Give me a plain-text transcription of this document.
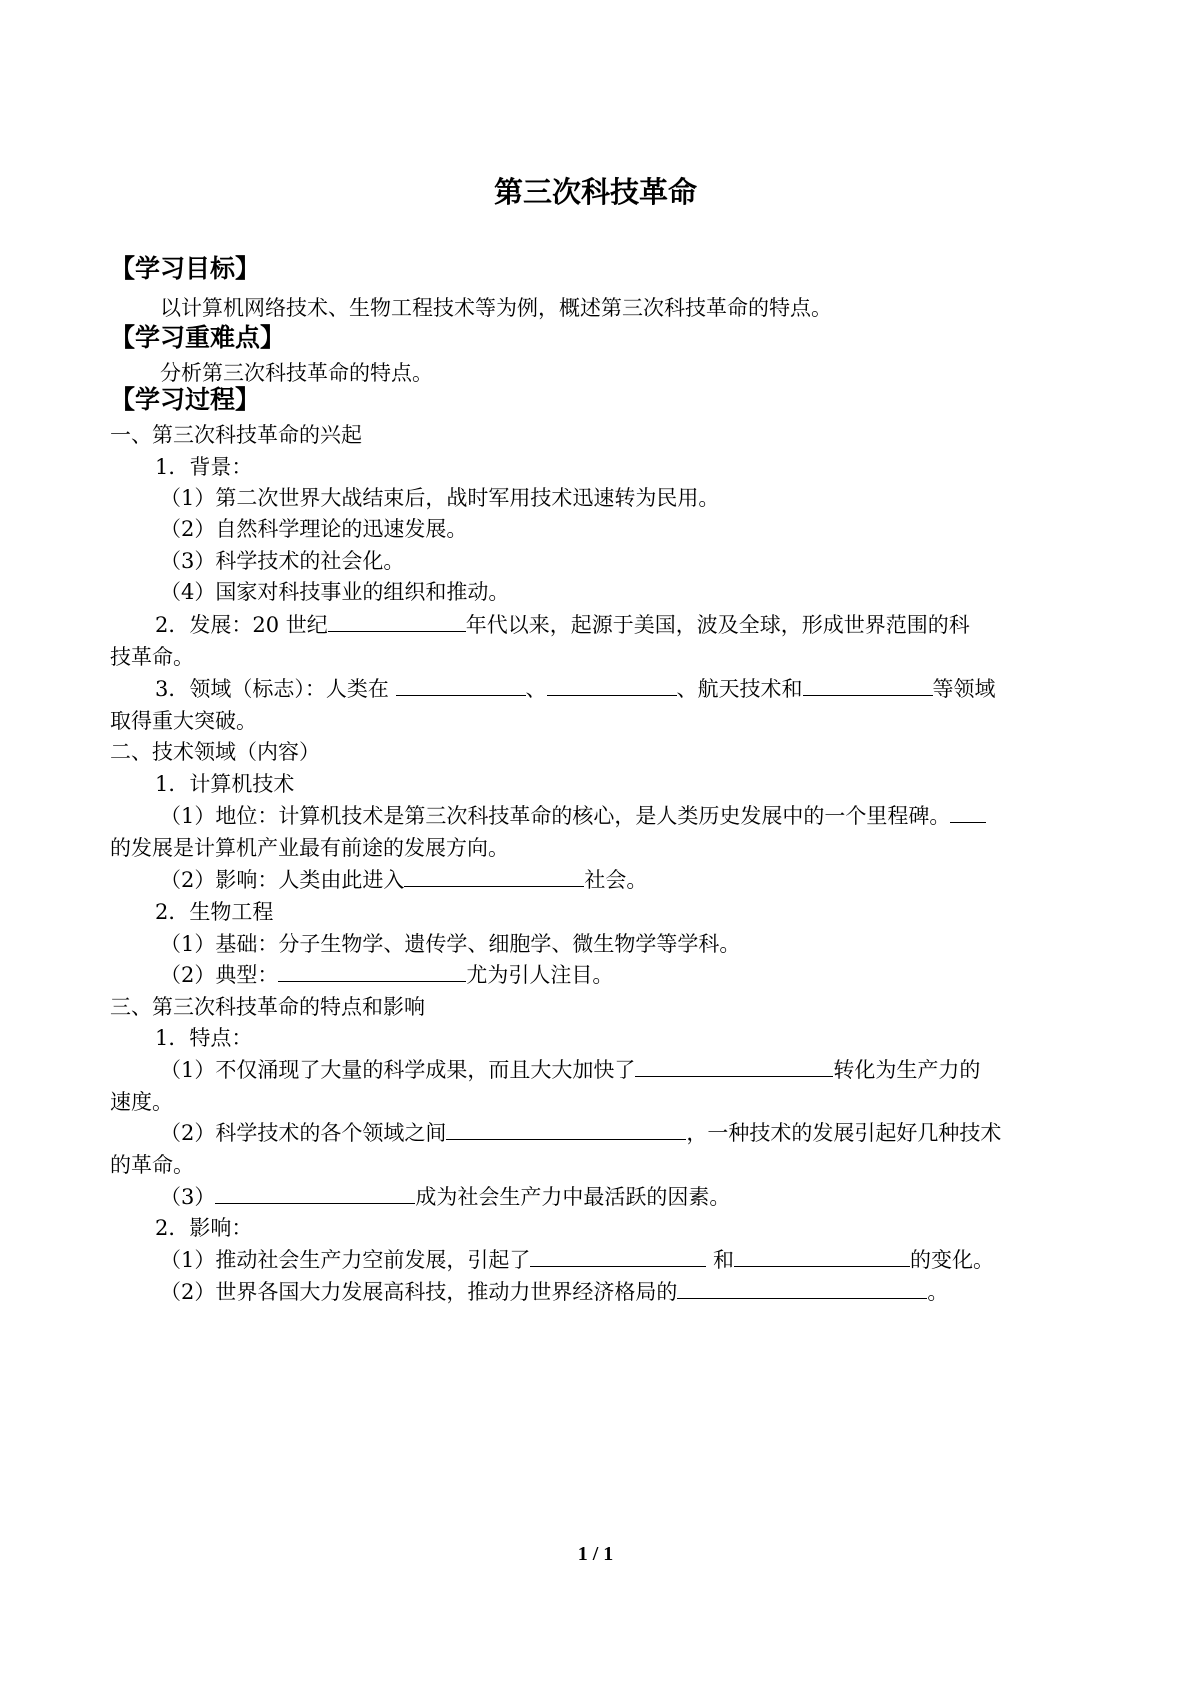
第三次科技革命
【学习目标】
以计算机网络技术、生物工程技术等为例，概述第三次科技革命的特点。
【学习重难点】
分析第三次科技革命的特点。
【学习过程】
一、第三次科技革命的兴起
1．背景：
（1）第二次世界大战结束后，战时军用技术迅速转为民用。
（2）自然科学理论的迅速发展。
（3）科学技术的社会化。
（4）国家对科技事业的组织和推动。
2．发展：20 世纪	年代以来，起源于美国，波及全球，形成世界范围的科
技革命。
3．领域（标志）：人类在	、	、航天技术和	等领域
取得重大突破。
二、技术领域（内容）
1．计算机技术
（1）地位：计算机技术是第三次科技革命的核心，是人类历史发展中的一个里程碑。
的发展是计算机产业最有前途的发展方向。
（2）影响：人类由此进入	社会。
2．生物工程
（1）基础：分子生物学、遗传学、细胞学、微生物学等学科。
（2）典型：	尤为引人注目。
三、第三次科技革命的特点和影响
1．特点：
（1）不仅涌现了大量的科学成果，而且大大加快了	转化为生产力的
速度。
（2）科学技术的各个领域之间	，一种技术的发展引起好几种技术
的革命。
（3）	成为社会生产力中最活跃的因素。
2．影响：
（1）推动社会生产力空前发展，引起了	和	的变化。
（2）世界各国大力发展高科技，推动力世界经济格局的	。
1 / 1
